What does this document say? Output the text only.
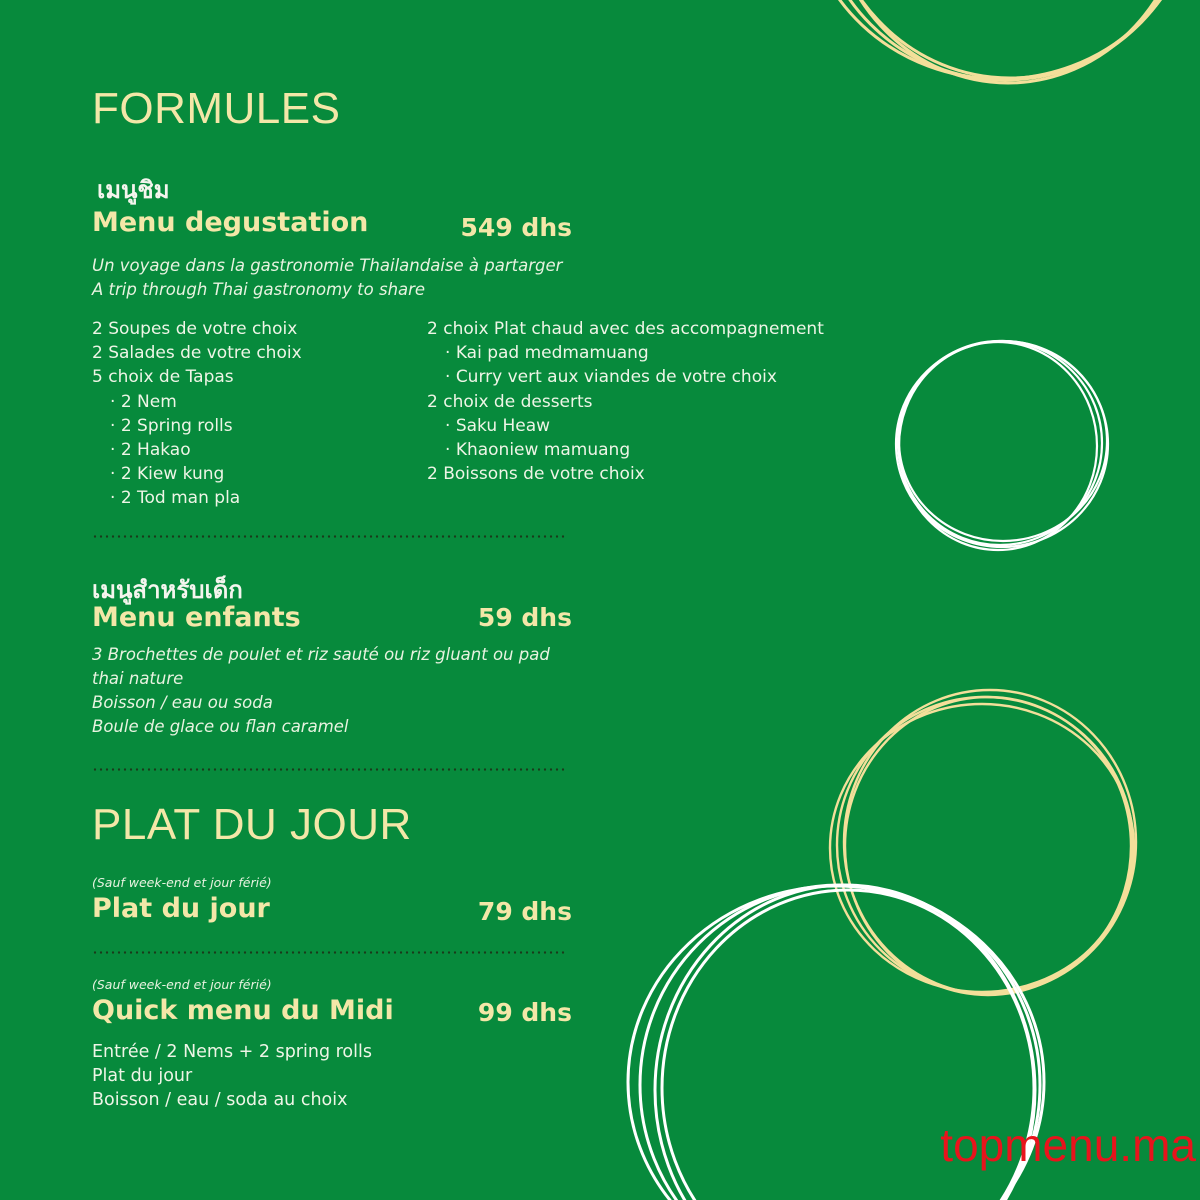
FORMULES
เมนูชิม
Menu degustation	549 dhs
Un voyage dans la gastronomie Thailandaise à partarger
A trip through Thai gastronomy to share
2 Soupes de votre choix
2 Salades de votre choix
5 choix de Tapas
· 2 Nem
· 2 Spring rolls
· 2 Hakao
· 2 Kiew kung
· 2 Tod man pla
2 choix Plat chaud avec des accompagnement
· Kai pad medmamuang
· Curry vert aux viandes de votre choix
2 choix de desserts
· Saku Heaw
· Khaoniew mamuang
2 Boissons de votre choix
เมนูสำหรับเด็ก
Menu enfants	59 dhs
3 Brochettes de poulet et riz sauté ou riz gluant ou pad
thai nature
Boisson / eau ou soda
Boule de glace ou flan caramel
PLAT DU JOUR
(Sauf week-end et jour férié)
Plat du jour	79 dhs
(Sauf week-end et jour férié)
Quick menu du Midi	99 dhs
Entrée / 2 Nems + 2 spring rolls
Plat du jour
Boisson / eau / soda au choix
topmenu.ma
